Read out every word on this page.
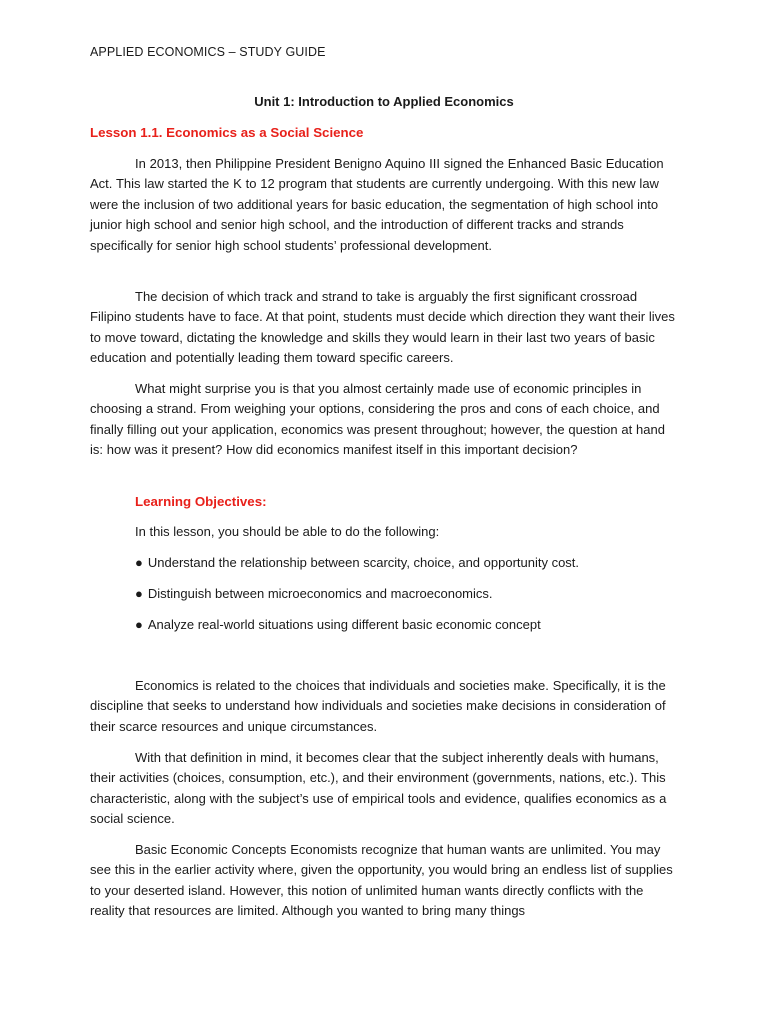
APPLIED ECONOMICS – STUDY GUIDE
Unit 1: Introduction to Applied Economics
Lesson 1.1. Economics as a Social Science

In 2013, then Philippine President Benigno Aquino III signed the Enhanced Basic Education Act. This law started the K to 12 program that students are currently undergoing. With this new law were the inclusion of two additional years for basic education, the segmentation of high school into junior high school and senior high school, and the introduction of different tracks and strands specifically for senior high school students’ professional development.

The decision of which track and strand to take is arguably the first significant crossroad Filipino students have to face. At that point, students must decide which direction they want their lives to move toward, dictating the knowledge and skills they would learn in their last two years of basic education and potentially leading them toward specific careers.

What might surprise you is that you almost certainly made use of economic principles in choosing a strand. From weighing your options, considering the pros and cons of each choice, and finally filling out your application, economics was present throughout; however, the question at hand is: how was it present? How did economics manifest itself in this important decision?

Learning Objectives:
In this lesson, you should be able to do the following:
● Understand the relationship between scarcity, choice, and opportunity cost.
● Distinguish between microeconomics and macroeconomics.
● Analyze real-world situations using different basic economic concept

Economics is related to the choices that individuals and societies make. Specifically, it is the discipline that seeks to understand how individuals and societies make decisions in consideration of their scarce resources and unique circumstances.

With that definition in mind, it becomes clear that the subject inherently deals with humans, their activities (choices, consumption, etc.), and their environment (governments, nations, etc.). This characteristic, along with the subject’s use of empirical tools and evidence, qualifies economics as a social science.

Basic Economic Concepts Economists recognize that human wants are unlimited. You may see this in the earlier activity where, given the opportunity, you would bring an endless list of supplies to your deserted island. However, this notion of unlimited human wants directly conflicts with the reality that resources are limited. Although you wanted to bring many things
